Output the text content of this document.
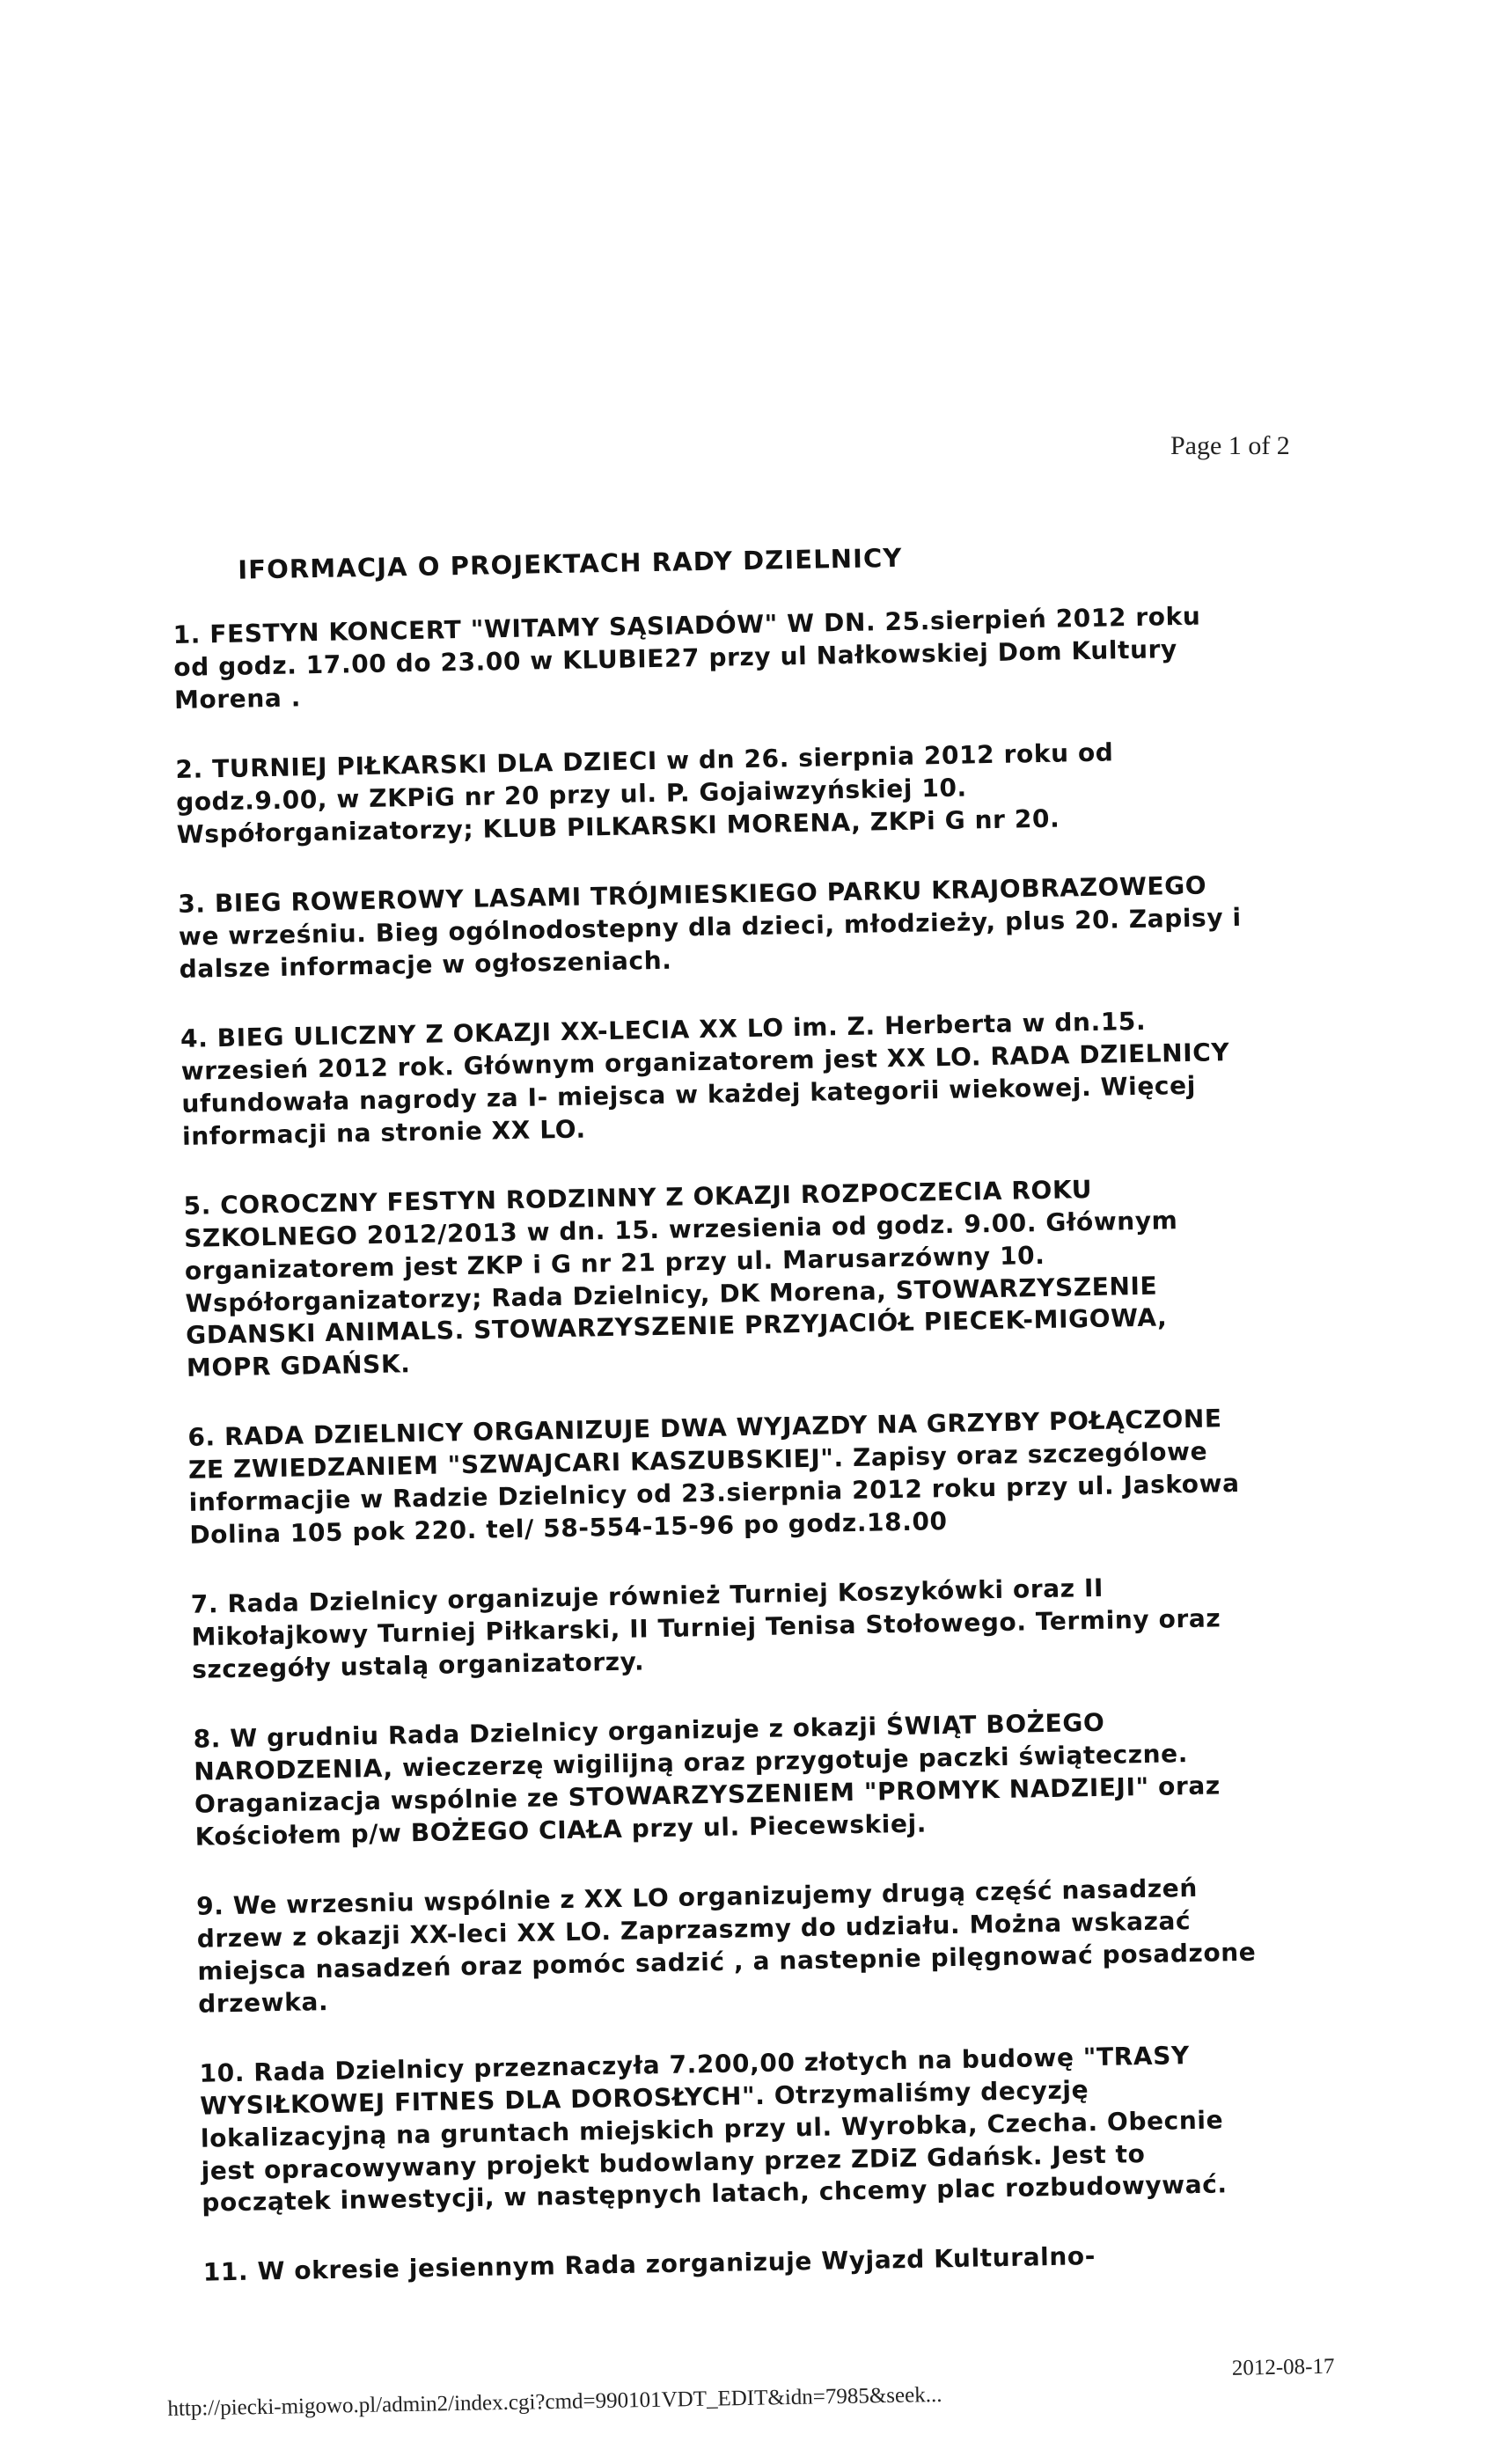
Page 1 of 2
IFORMACJA O PROJEKTACH RADY DZIELNICY
1. FESTYN KONCERT "WITAMY SĄSIADÓW" W DN. 25.sierpień 2012 roku
od godz. 17.00 do 23.00 w KLUBIE27 przy ul Nałkowskiej Dom Kultury
Morena .
2. TURNIEJ PIŁKARSKI DLA DZIECI w dn 26. sierpnia 2012 roku od
godz.9.00, w ZKPiG nr 20 przy ul. P. Gojaiwzyńskiej 10.
Współorganizatorzy; KLUB PILKARSKI MORENA, ZKPi G nr 20.
3. BIEG ROWEROWY LASAMI TRÓJMIESKIEGO PARKU KRAJOBRAZOWEGO
we wrześniu. Bieg ogólnodostepny dla dzieci, młodzieży, plus 20. Zapisy i
dalsze informacje w ogłoszeniach.
4. BIEG ULICZNY Z OKAZJI XX-LECIA XX LO im. Z. Herberta w dn.15.
wrzesień 2012 rok. Głównym organizatorem jest XX LO. RADA DZIELNICY
ufundowała nagrody za I- miejsca w każdej kategorii wiekowej. Więcej
informacji na stronie XX LO.
5. COROCZNY FESTYN RODZINNY Z OKAZJI ROZPOCZECIA ROKU
SZKOLNEGO 2012/2013 w dn. 15. wrzesienia od godz. 9.00. Głównym
organizatorem jest ZKP i G nr 21 przy ul. Marusarzówny 10.
Współorganizatorzy; Rada Dzielnicy, DK Morena, STOWARZYSZENIE
GDANSKI ANIMALS. STOWARZYSZENIE PRZYJACIÓŁ PIECEK-MIGOWA,
MOPR GDAŃSK.
6. RADA DZIELNICY ORGANIZUJE DWA WYJAZDY NA GRZYBY POŁĄCZONE
ZE ZWIEDZANIEM "SZWAJCARI KASZUBSKIEJ". Zapisy oraz szczególowe
informacjie w Radzie Dzielnicy od 23.sierpnia 2012 roku przy ul. Jaskowa
Dolina 105 pok 220. tel/ 58-554-15-96 po godz.18.00
7. Rada Dzielnicy organizuje również Turniej Koszykówki oraz II
Mikołajkowy Turniej Piłkarski, II Turniej Tenisa Stołowego. Terminy oraz
szczegóły ustalą organizatorzy.
8. W grudniu Rada Dzielnicy organizuje z okazji ŚWIĄT BOŻEGO
NARODZENIA, wieczerzę wigilijną oraz przygotuje paczki świąteczne.
Oraganizacja wspólnie ze STOWARZYSZENIEM "PROMYK NADZIEJI" oraz
Kościołem p/w BOŻEGO CIAŁA przy ul. Piecewskiej.
9. We wrzesniu wspólnie z XX LO organizujemy drugą część nasadzeń
drzew z okazji XX-leci XX LO. Zaprzaszmy do udziału. Można wskazać
miejsca nasadzeń oraz pomóc sadzić , a nastepnie pilęgnować posadzone
drzewka.
10. Rada Dzielnicy przeznaczyła 7.200,00 złotych na budowę "TRASY
WYSIŁKOWEJ FITNES DLA DOROSŁYCH". Otrzymaliśmy decyzję
lokalizacyjną na gruntach miejskich przy ul. Wyrobka, Czecha. Obecnie
jest opracowywany projekt budowlany przez ZDiZ Gdańsk. Jest to
początek inwestycji, w następnych latach, chcemy plac rozbudowywać.
11. W okresie jesiennym Rada zorganizuje Wyjazd Kulturalno-
http://piecki-migowo.pl/admin2/index.cgi?cmd=990101VDT_EDIT&idn=7985&seek...
2012-08-17
